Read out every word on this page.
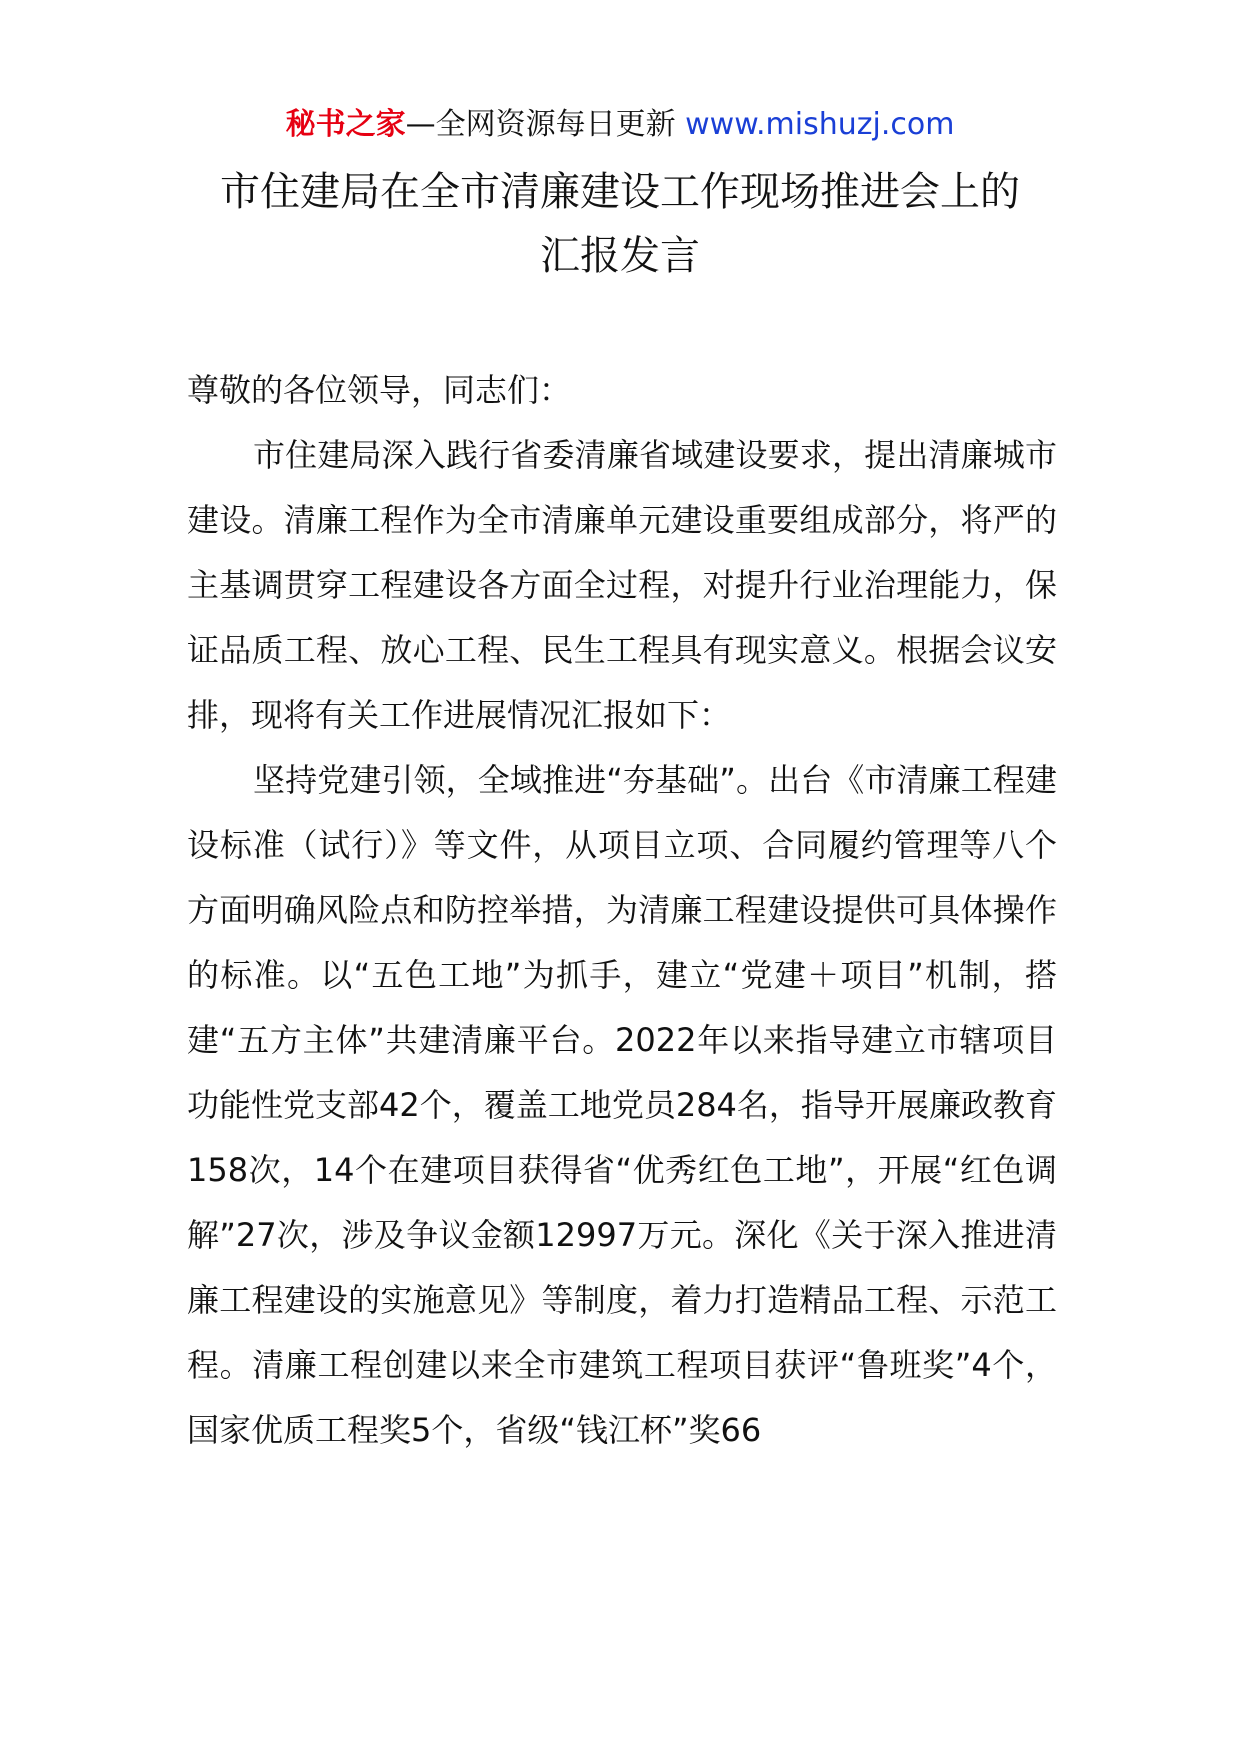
秘书之家—全网资源每日更新 www.mishuzj.com
市住建局在全市清廉建设工作现场推进会上的
汇报发言

尊敬的各位领导，同志们：

市住建局深入践行省委清廉省域建设要求，提出清廉城市建设。清廉工程作为全市清廉单元建设重要组成部分，将严的主基调贯穿工程建设各方面全过程，对提升行业治理能力，保证品质工程、放心工程、民生工程具有现实意义。根据会议安排，现将有关工作进展情况汇报如下：

坚持党建引领，全域推进“夯基础”。出台《市清廉工程建设标准（试行）》等文件，从项目立项、合同履约管理等八个方面明确风险点和防控举措，为清廉工程建设提供可具体操作的标准。以“五色工地”为抓手，建立“党建＋项目”机制，搭建“五方主体”共建清廉平台。2022年以来指导建立市辖项目功能性党支部42个，覆盖工地党员284名，指导开展廉政教育158次，14个在建项目获得省“优秀红色工地”，开展“红色调解”27次，涉及争议金额12997万元。深化《关于深入推进清廉工程建设的实施意见》等制度，着力打造精品工程、示范工程。清廉工程创建以来全市建筑工程项目获评“鲁班奖”4个，国家优质工程奖5个，省级“钱江杯”奖66
